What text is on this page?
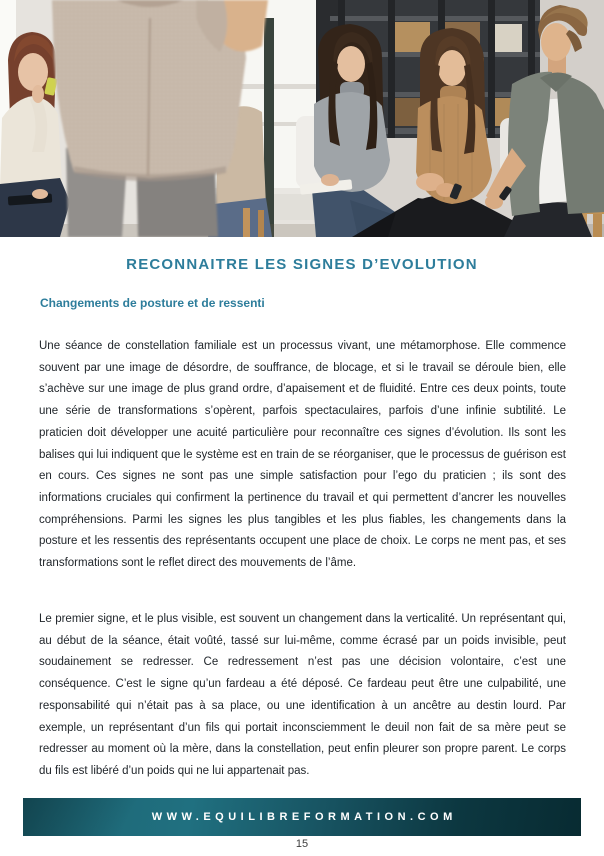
RECONNAITRE LES SIGNES D’EVOLUTION
Changements de posture et de ressenti

Une séance de constellation familiale est un processus vivant, une métamorphose. Elle commence souvent par une image de désordre, de souffrance, de blocage, et si le travail se déroule bien, elle s’achève sur une image de plus grand ordre, d’apaisement et de fluidité. Entre ces deux points, toute une série de transformations s’opèrent, parfois spectaculaires, parfois d’une infinie subtilité. Le praticien doit développer une acuité particulière pour reconnaître ces signes d’évolution. Ils sont les balises qui lui indiquent que le système est en train de se réorganiser, que le processus de guérison est en cours. Ces signes ne sont pas une simple satisfaction pour l’ego du praticien ; ils sont des informations cruciales qui confirment la pertinence du travail et qui permettent d’ancrer les nouvelles compréhensions. Parmi les signes les plus tangibles et les plus fiables, les changements dans la posture et les ressentis des représentants occupent une place de choix. Le corps ne ment pas, et ses transformations sont le reflet direct des mouvements de l’âme.

Le premier signe, et le plus visible, est souvent un changement dans la verticalité. Un représentant qui, au début de la séance, était voûté, tassé sur lui-même, comme écrasé par un poids invisible, peut soudainement se redresser. Ce redressement n’est pas une décision volontaire, c’est une conséquence. C’est le signe qu’un fardeau a été déposé. Ce fardeau peut être une culpabilité, une responsabilité qui n’était pas à sa place, ou une identification à un ancêtre au destin lourd. Par exemple, un représentant d’un fils qui portait inconsciemment le deuil non fait de sa mère peut se redresser au moment où la mère, dans la constellation, peut enfin pleurer son propre parent. Le corps du fils est libéré d’un poids qui ne lui appartenait pas.

WWW.EQUILIBREFORMATION.COM
15
